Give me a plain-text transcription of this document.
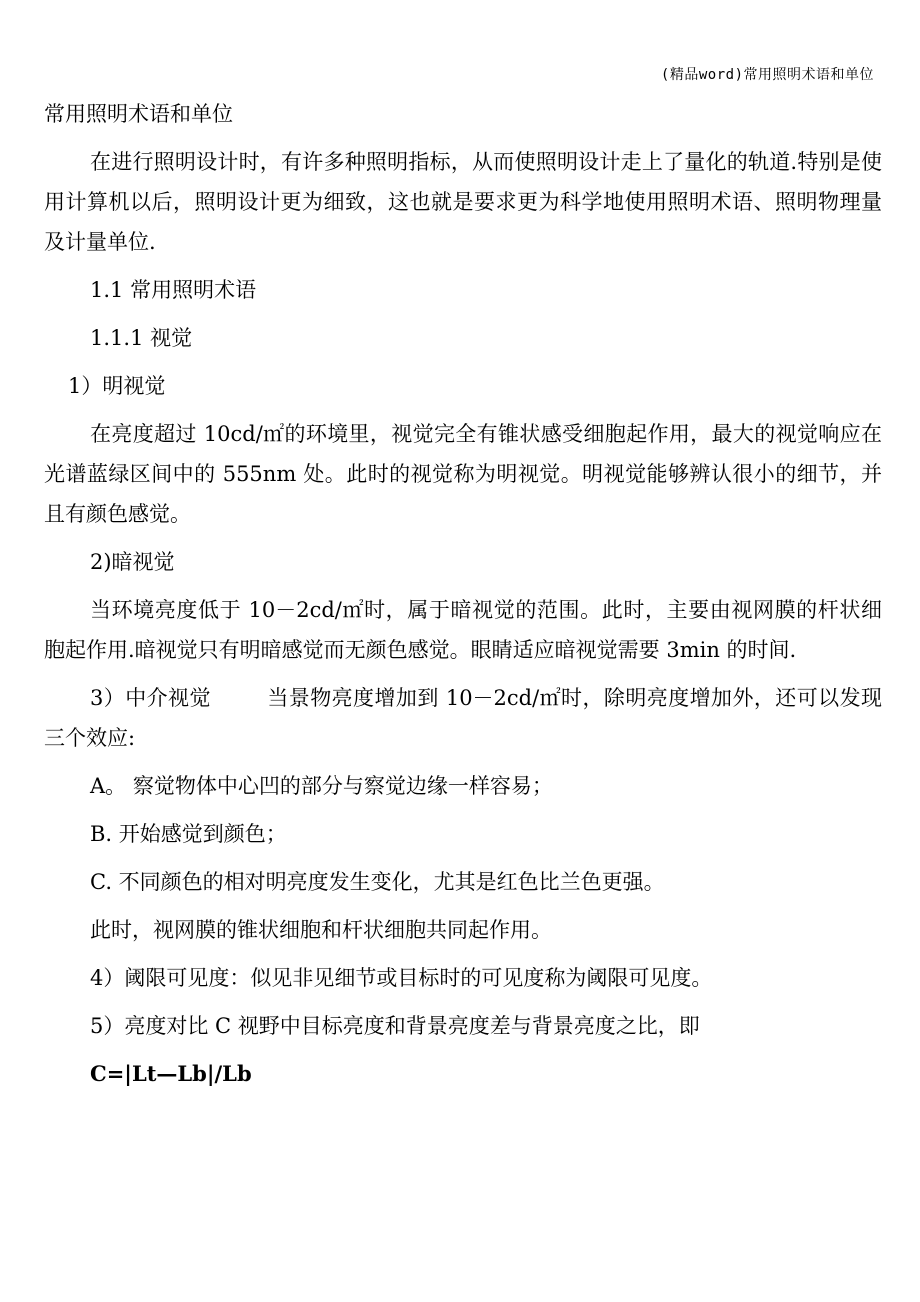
(精品word)常用照明术语和单位

常用照明术语和单位

在进行照明设计时，有许多种照明指标，从而使照明设计走上了量化的轨道.特别是使用计算机以后，照明设计更为细致，这也就是要求更为科学地使用照明术语、照明物理量及计量单位.

1.1 常用照明术语

1.1.1 视觉

1）明视觉

在亮度超过 10cd/㎡的环境里，视觉完全有锥状感受细胞起作用，最大的视觉响应在光谱蓝绿区间中的 555nm 处。此时的视觉称为明视觉。明视觉能够辨认很小的细节，并且有颜色感觉。

2)暗视觉

当环境亮度低于 10－2cd/㎡时，属于暗视觉的范围。此时，主要由视网膜的杆状细胞起作用.暗视觉只有明暗感觉而无颜色感觉。眼睛适应暗视觉需要 3min 的时间.

3）中介视觉	当景物亮度增加到 10－2cd/㎡时，除明亮度增加外，还可以发现三个效应:

A。 察觉物体中心凹的部分与察觉边缘一样容易；

B. 开始感觉到颜色；

C. 不同颜色的相对明亮度发生变化，尤其是红色比兰色更强。

此时，视网膜的锥状细胞和杆状细胞共同起作用。

4）阈限可见度：似见非见细节或目标时的可见度称为阈限可见度。

5）亮度对比 C 视野中目标亮度和背景亮度差与背景亮度之比，即

C=|Lt—Lb|/Lb
